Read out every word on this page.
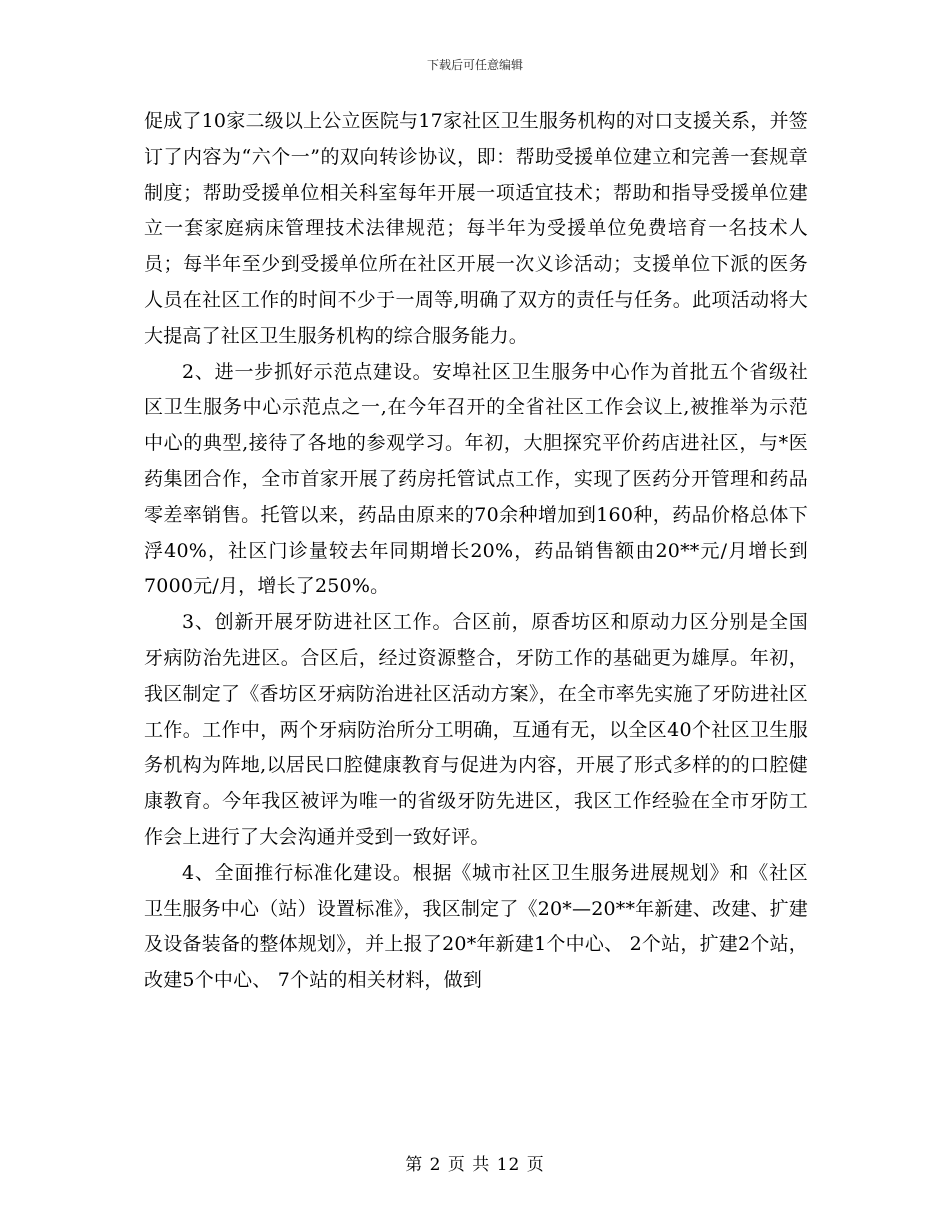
下载后可任意编辑

促成了10家二级以上公立医院与17家社区卫生服务机构的对口支援关系，并签订了内容为“六个一”的双向转诊协议，即：帮助受援单位建立和完善一套规章制度；帮助受援单位相关科室每年开展一项适宜技术；帮助和指导受援单位建立一套家庭病床管理技术法律规范；每半年为受援单位免费培育一名技术人员；每半年至少到受援单位所在社区开展一次义诊活动；支援单位下派的医务人员在社区工作的时间不少于一周等,明确了双方的责任与任务。此项活动将大大提高了社区卫生服务机构的综合服务能力。

2、进一步抓好示范点建设。安埠社区卫生服务中心作为首批五个省级社区卫生服务中心示范点之一,在今年召开的全省社区工作会议上,被推举为示范中心的典型,接待了各地的参观学习。年初，大胆探究平价药店进社区，与*医药集团合作，全市首家开展了药房托管试点工作，实现了医药分开管理和药品零差率销售。托管以来，药品由原来的70余种增加到160种，药品价格总体下浮40%，社区门诊量较去年同期增长20%，药品销售额由20**元/月增长到7000元/月，增长了250%。

3、创新开展牙防进社区工作。合区前，原香坊区和原动力区分别是全国牙病防治先进区。合区后，经过资源整合，牙防工作的基础更为雄厚。年初，我区制定了《香坊区牙病防治进社区活动方案》，在全市率先实施了牙防进社区工作。工作中，两个牙病防治所分工明确，互通有无，以全区40个社区卫生服务机构为阵地,以居民口腔健康教育与促进为内容，开展了形式多样的的口腔健康教育。今年我区被评为唯一的省级牙防先进区，我区工作经验在全市牙防工作会上进行了大会沟通并受到一致好评。

4、全面推行标准化建设。根据《城市社区卫生服务进展规划》和《社区卫生服务中心（站）设置标准》，我区制定了《20*—20**年新建、改建、扩建及设备装备的整体规划》，并上报了20*年新建1个中心、 2个站，扩建2个站，改建5个中心、 7个站的相关材料，做到

第 2 页 共 12 页
